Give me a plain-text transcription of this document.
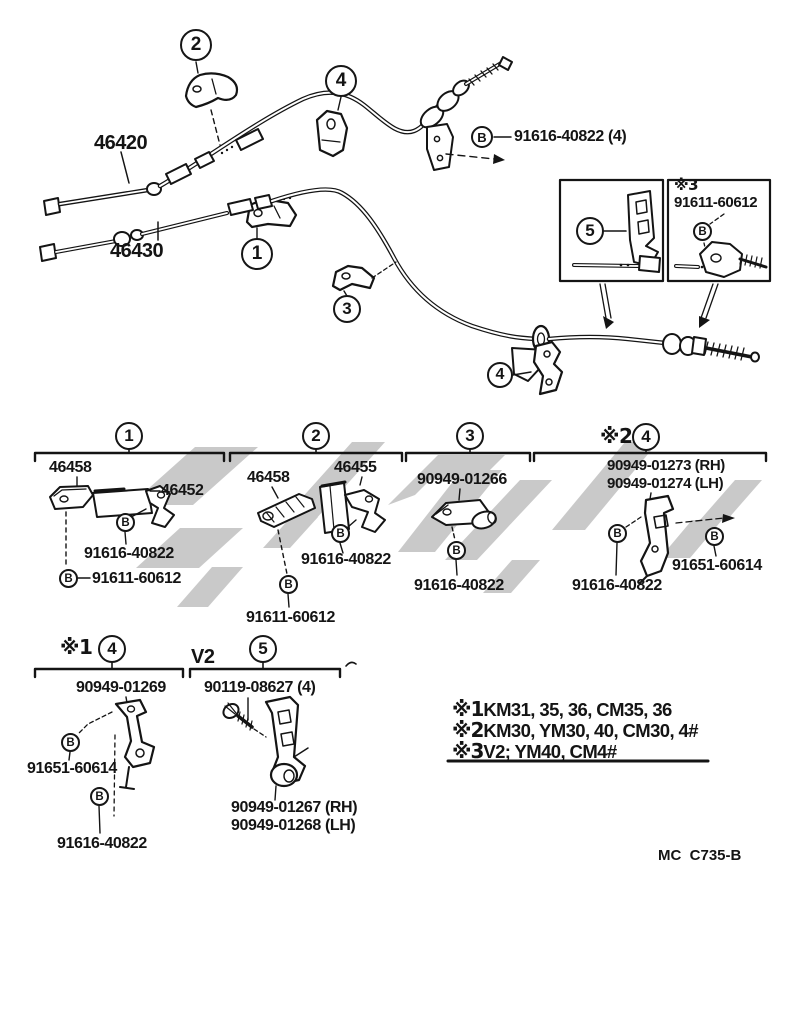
46420
46430
91616-40822 (4)
2
4
1
3
4
5
B
B
※3
91611-60612
1	2	3	※2 4
46458
46452
B
91616-40822
B 91611-60612
46458
46455
B
91616-40822
B
91611-60612
90949-01266
B
91616-40822
90949-01273 (RH)
90949-01274 (LH)
B	B
91651-60614
91616-40822
※1 4
90949-01269
B
91651-60614
B
91616-40822
V2	5
90119-08627 (4)
90949-01267 (RH)
90949-01268 (LH)
※1 KM31, 35, 36, CM35, 36
※2 KM30, YM30, 40, CM30, 4#
※3 V2; YM40, CM4#
MC  C735-B
